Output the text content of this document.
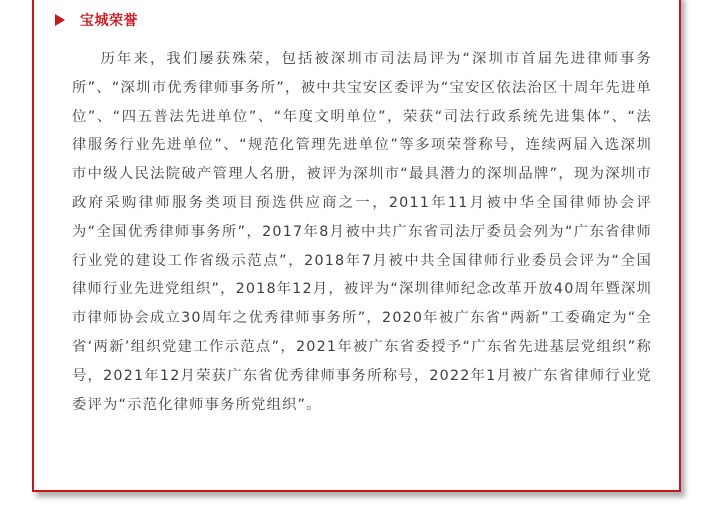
宝城荣誉

历年来，我们屡获殊荣，包括被深圳市司法局评为“深圳市首届先进律师事务所”、“深圳市优秀律师事务所”，被中共宝安区委评为“宝安区依法治区十周年先进单位”、“四五普法先进单位”、“年度文明单位”，荣获“司法行政系统先进集体”、“法律服务行业先进单位”、“规范化管理先进单位”等多项荣誉称号，连续两届入选深圳市中级人民法院破产管理人名册，被评为深圳市“最具潜力的深圳品牌”，现为深圳市政府采购律师服务类项目预选供应商之一，2011年11月被中华全国律师协会评为“全国优秀律师事务所”，2017年8月被中共广东省司法厅委员会列为“广东省律师行业党的建设工作省级示范点”，2018年7月被中共全国律师行业委员会评为“全国律师行业先进党组织”，2018年12月，被评为“深圳律师纪念改革开放40周年暨深圳市律师协会成立30周年之优秀律师事务所”，2020年被广东省“两新”工委确定为“全省‘两新’组织党建工作示范点”，2021年被广东省委授予“广东省先进基层党组织”称号，2021年12月荣获广东省优秀律师事务所称号，2022年1月被广东省律师行业党委评为“示范化律师事务所党组织”。
